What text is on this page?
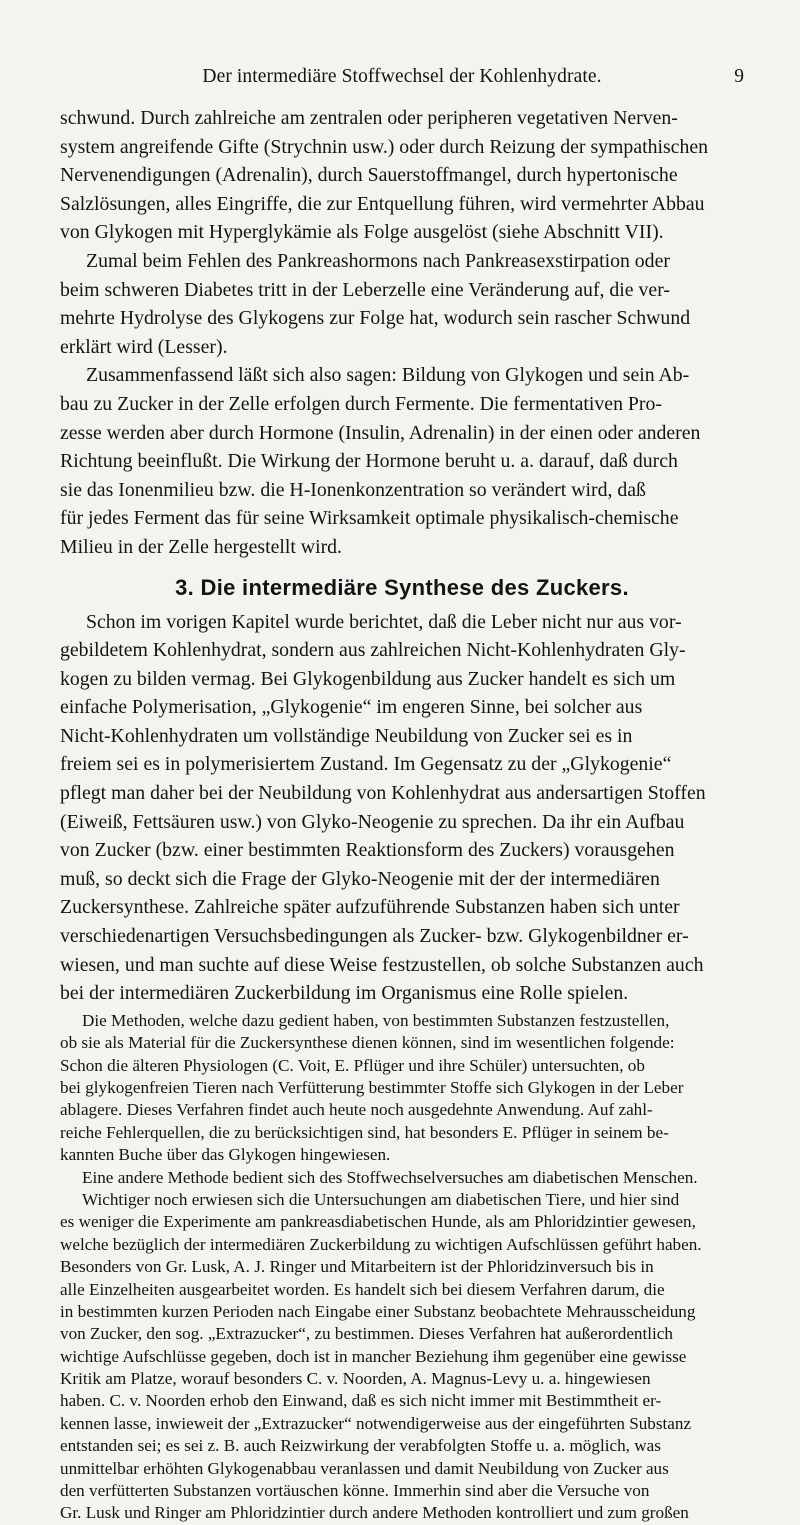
Der intermediäre Stoffwechsel der Kohlenhydrate.	9
schwund. Durch zahlreiche am zentralen oder peripheren vegetativen Nerven-
system angreifende Gifte (Strychnin usw.) oder durch Reizung der sympathischen
Nervenendigungen (Adrenalin), durch Sauerstoffmangel, durch hypertonische
Salzlösungen, alles Eingriffe, die zur Entquellung führen, wird vermehrter Abbau
von Glykogen mit Hyperglykämie als Folge ausgelöst (siehe Abschnitt VII).
Zumal beim Fehlen des Pankreashormons nach Pankreasexstirpation oder
beim schweren Diabetes tritt in der Leberzelle eine Veränderung auf, die ver-
mehrte Hydrolyse des Glykogens zur Folge hat, wodurch sein rascher Schwund
erklärt wird (Lesser).
Zusammenfassend läßt sich also sagen: Bildung von Glykogen und sein Ab-
bau zu Zucker in der Zelle erfolgen durch Fermente. Die fermentativen Pro-
zesse werden aber durch Hormone (Insulin, Adrenalin) in der einen oder anderen
Richtung beeinflußt. Die Wirkung der Hormone beruht u. a. darauf, daß durch
sie das Ionenmilieu bzw. die H-Ionenkonzentration so verändert wird, daß
für jedes Ferment das für seine Wirksamkeit optimale physikalisch-chemische
Milieu in der Zelle hergestellt wird.
3. Die intermediäre Synthese des Zuckers.
Schon im vorigen Kapitel wurde berichtet, daß die Leber nicht nur aus vor-
gebildetem Kohlenhydrat, sondern aus zahlreichen Nicht-Kohlenhydraten Gly-
kogen zu bilden vermag. Bei Glykogenbildung aus Zucker handelt es sich um
einfache Polymerisation, „Glykogenie“ im engeren Sinne, bei solcher aus
Nicht-Kohlenhydraten um vollständige Neubildung von Zucker sei es in
freiem sei es in polymerisiertem Zustand. Im Gegensatz zu der „Glykogenie“
pflegt man daher bei der Neubildung von Kohlenhydrat aus andersartigen Stoffen
(Eiweiß, Fettsäuren usw.) von Glyko-Neogenie zu sprechen. Da ihr ein Aufbau
von Zucker (bzw. einer bestimmten Reaktionsform des Zuckers) vorausgehen
muß, so deckt sich die Frage der Glyko-Neogenie mit der der intermediären
Zuckersynthese. Zahlreiche später aufzuführende Substanzen haben sich unter
verschiedenartigen Versuchsbedingungen als Zucker- bzw. Glykogenbildner er-
wiesen, und man suchte auf diese Weise festzustellen, ob solche Substanzen auch
bei der intermediären Zuckerbildung im Organismus eine Rolle spielen.
Die Methoden, welche dazu gedient haben, von bestimmten Substanzen festzustellen,
ob sie als Material für die Zuckersynthese dienen können, sind im wesentlichen folgende:
Schon die älteren Physiologen (C. Voit, E. Pflüger und ihre Schüler) untersuchten, ob
bei glykogenfreien Tieren nach Verfütterung bestimmter Stoffe sich Glykogen in der Leber
ablagere. Dieses Verfahren findet auch heute noch ausgedehnte Anwendung. Auf zahl-
reiche Fehlerquellen, die zu berücksichtigen sind, hat besonders E. Pflüger in seinem be-
kannten Buche über das Glykogen hingewiesen.
Eine andere Methode bedient sich des Stoffwechselversuches am diabetischen Menschen.
Wichtiger noch erwiesen sich die Untersuchungen am diabetischen Tiere, und hier sind
es weniger die Experimente am pankreasdiabetischen Hunde, als am Phloridzintier gewesen,
welche bezüglich der intermediären Zuckerbildung zu wichtigen Aufschlüssen geführt haben.
Besonders von Gr. Lusk, A. J. Ringer und Mitarbeitern ist der Phloridzinversuch bis in
alle Einzelheiten ausgearbeitet worden. Es handelt sich bei diesem Verfahren darum, die
in bestimmten kurzen Perioden nach Eingabe einer Substanz beobachtete Mehrausscheidung
von Zucker, den sog. „Extrazucker“, zu bestimmen. Dieses Verfahren hat außerordentlich
wichtige Aufschlüsse gegeben, doch ist in mancher Beziehung ihm gegenüber eine gewisse
Kritik am Platze, worauf besonders C. v. Noorden, A. Magnus-Levy u. a. hingewiesen
haben. C. v. Noorden erhob den Einwand, daß es sich nicht immer mit Bestimmtheit er-
kennen lasse, inwieweit der „Extrazucker“ notwendigerweise aus der eingeführten Substanz
entstanden sei; es sei z. B. auch Reizwirkung der verabfolgten Stoffe u. a. möglich, was
unmittelbar erhöhten Glykogenabbau veranlassen und damit Neubildung von Zucker aus
den verfütterten Substanzen vortäuschen könne. Immerhin sind aber die Versuche von
Gr. Lusk und Ringer am Phloridzintier durch andere Methoden kontrolliert und zum großen
